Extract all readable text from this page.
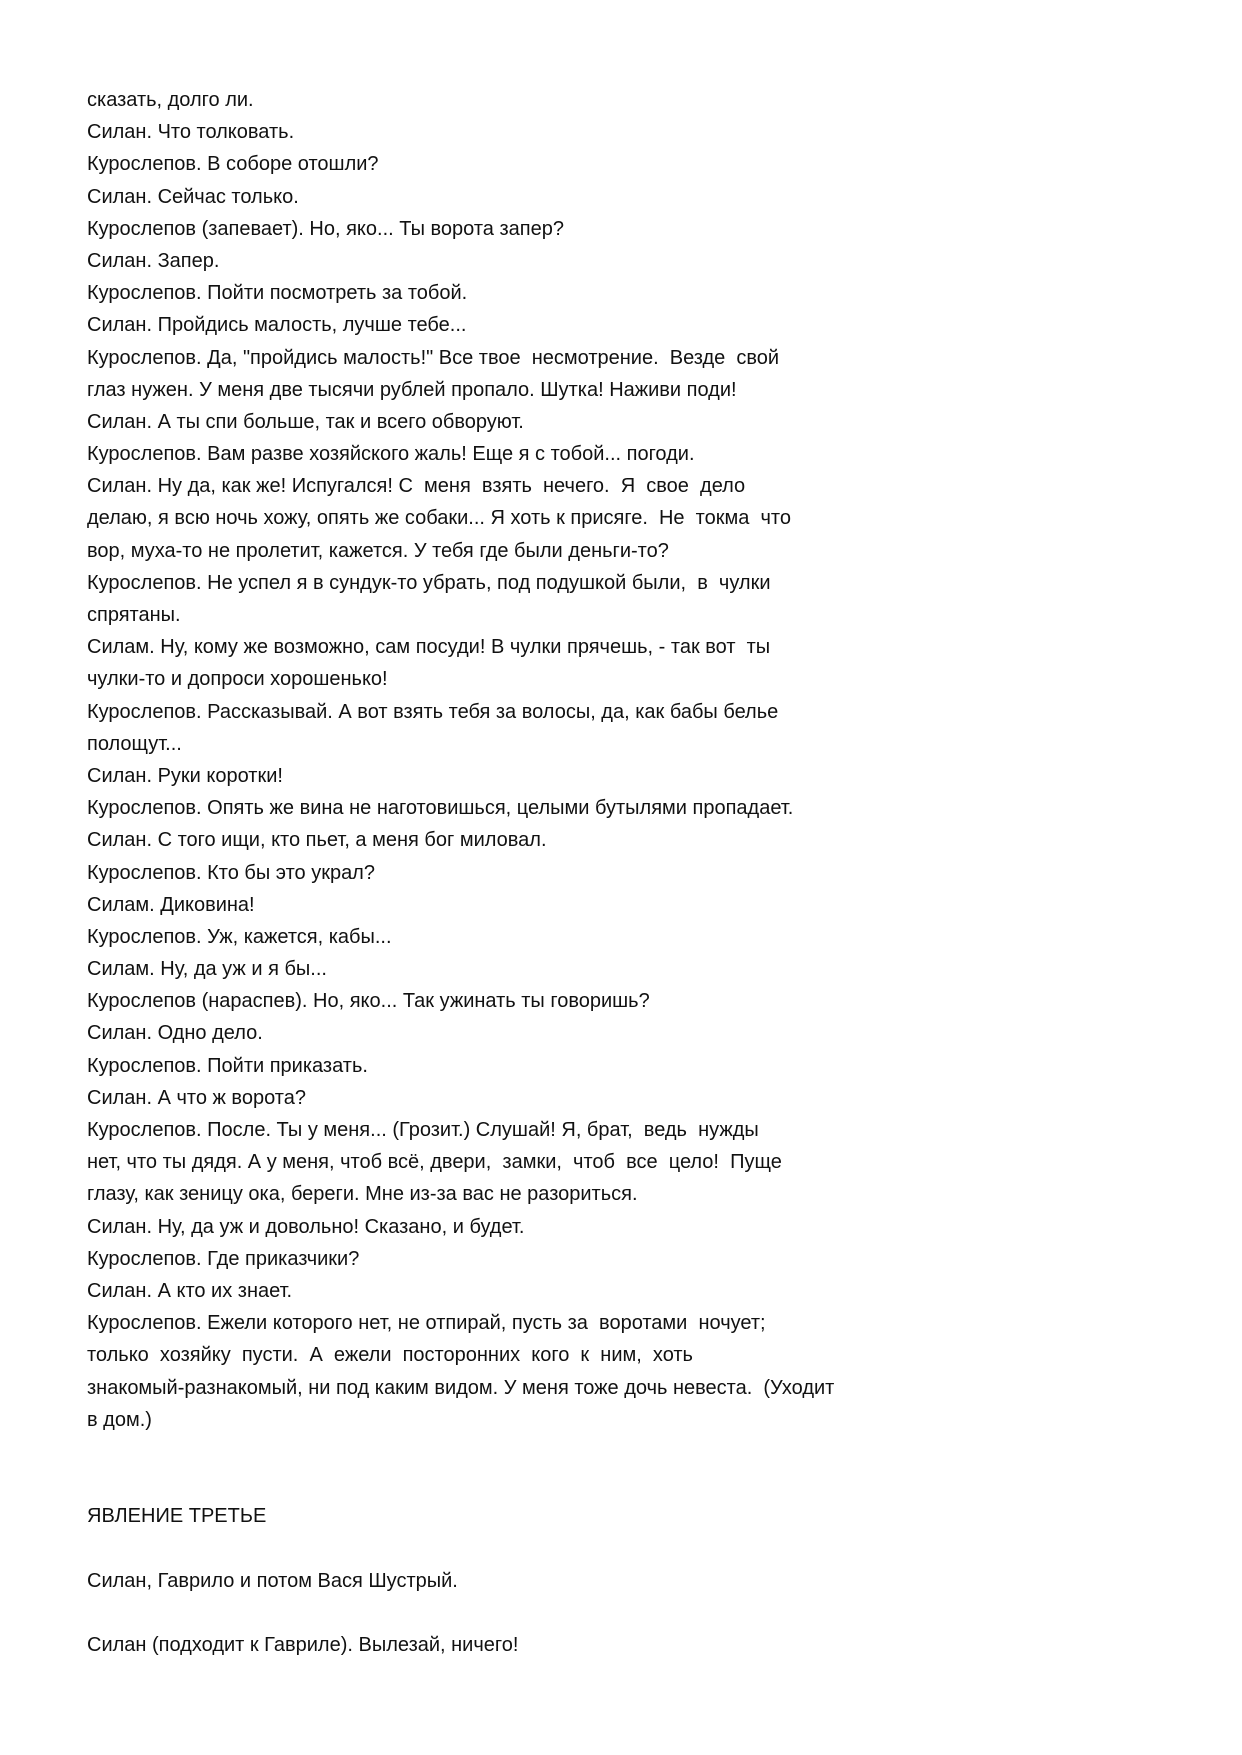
сказать, долго ли.
Силан. Что толковать.
Курослепов. В соборе отошли?
Силан. Сейчас только.
Курослепов (запевает). Но, яко... Ты ворота запер?
Силан. Запер.
Курослепов. Пойти посмотреть за тобой.
Силан. Пройдись малость, лучше тебе...
Курослепов. Да, "пройдись малость!" Все твое  несмотрение.  Везде  свой
глаз нужен. У меня две тысячи рублей пропало. Шутка! Наживи поди!
Силан. А ты спи больше, так и всего обворуют.
Курослепов. Вам разве хозяйского жаль! Еще я с тобой... погоди.
Силан. Ну да, как же! Испугался! С  меня  взять  нечего.  Я  свое  дело
делаю, я всю ночь хожу, опять же собаки... Я хоть к присяге.  Не  токма  что
вор, муха-то не пролетит, кажется. У тебя где были деньги-то?
Курослепов. Не успел я в сундук-то убрать, под подушкой были,  в  чулки
спрятаны.
Силам. Ну, кому же возможно, сам посуди! В чулки прячешь, - так вот  ты
чулки-то и допроси хорошенько!
Курослепов. Рассказывай. А вот взять тебя за волосы, да, как бабы белье
полощут...
Силан. Руки коротки!
Курослепов. Опять же вина не наготовишься, целыми бутылями пропадает.
Силан. С того ищи, кто пьет, а меня бог миловал.
Курослепов. Кто бы это украл?
Силам. Диковина!
Курослепов. Уж, кажется, кабы...
Силам. Ну, да уж и я бы...
Курослепов (нараспев). Но, яко... Так ужинать ты говоришь?
Силан. Одно дело.
Курослепов. Пойти приказать.
Силан. А что ж ворота?
Курослепов. После. Ты у меня... (Грозит.) Слушай! Я, брат,  ведь  нужды
нет, что ты дядя. А у меня, чтоб всё, двери,  замки,  чтоб  все  цело!  Пуще
глазу, как зеницу ока, береги. Мне из-за вас не разориться.
Силан. Ну, да уж и довольно! Сказано, и будет.
Курослепов. Где приказчики?
Силан. А кто их знает.
Курослепов. Ежели которого нет, не отпирай, пусть за  воротами  ночует;
только  хозяйку  пусти.  А  ежели  посторонних  кого  к  ним,  хоть
знакомый-разнакомый, ни под каким видом. У меня тоже дочь невеста.  (Уходит
в дом.)
ЯВЛЕНИЕ ТРЕТЬЕ
Силан, Гаврило и потом Вася Шустрый.
Силан (подходит к Гавриле). Вылезай, ничего!
